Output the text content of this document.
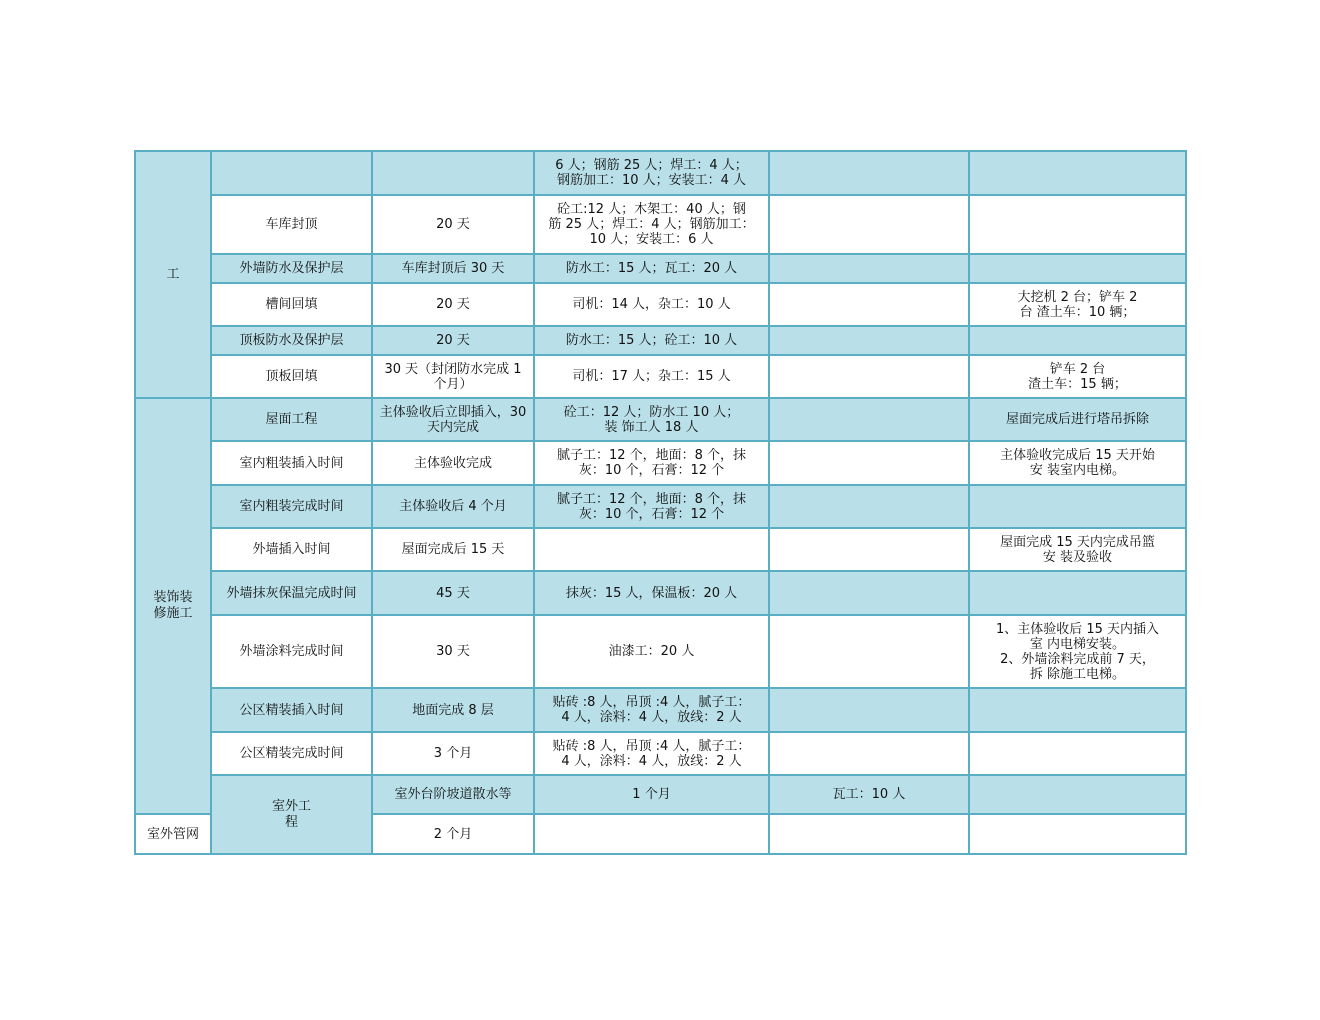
工			6 人；钢筋 25 人；焊工：4 人；
钢筋加工：10 人；安装工：4 人			

	车库封顶	20 天	砼工:12 人；木架工：40 人；钢
筋 25 人；焊工：4 人；钢筋加工：
10 人；安装工：6 人			

	外墙防水及保护层	车库封顶后 30 天	防水工：15 人；瓦工：20 人			

	槽间回填	20 天	司机：14 人，杂工：10 人		大挖机 2 台；铲车 2
台 渣土车：10 辆；	

	顶板防水及保护层	20 天	防水工：15 人；砼工：10 人			

	顶板回填	30 天（封闭防水完成 1 个月）	司机：17 人；杂工：15 人		铲车 2 台
渣土车：15 辆；	

装饰装修施工	屋面工程	主体验收后立即插入，30 天内完成	砼工：12 人；防水工 10 人；
装 饰工人 18 人		屋面完成后进行塔吊拆除	

	室内粗装插入时间	主体验收完成	腻子工：12 个，地面：8 个，抹
灰：10 个，石膏：12 个		主体验收完成后 15 天开始
安 装室内电梯。	

	室内粗装完成时间	主体验收后 4 个月	腻子工：12 个，地面：8 个，抹
灰：10 个，石膏：12 个			

	外墙插入时间	屋面完成后 15 天			屋面完成 15 天内完成吊篮
安 装及验收	

	外墙抹灰保温完成时间	45 天	抹灰：15 人，保温板：20 人			

	外墙涂料完成时间	30 天	油漆工：20 人		1、主体验收后 15 天内插入
室 内电梯安装。
2、外墙涂料完成前 7 天，
拆 除施工电梯。	

	公区精装插入时间	地面完成 8 层	贴砖 :8 人，吊顶 :4 人，腻子工：
4 人，涂料：4 人，放线：2 人			

	公区精装完成时间	3 个月	贴砖 :8 人，吊顶 :4 人，腻子工：
4 人，涂料：4 人，放线：2 人			

	室外工程	室外台阶坡道散水等	1 个月	瓦工：10 人		

室外管网		2 个月				
